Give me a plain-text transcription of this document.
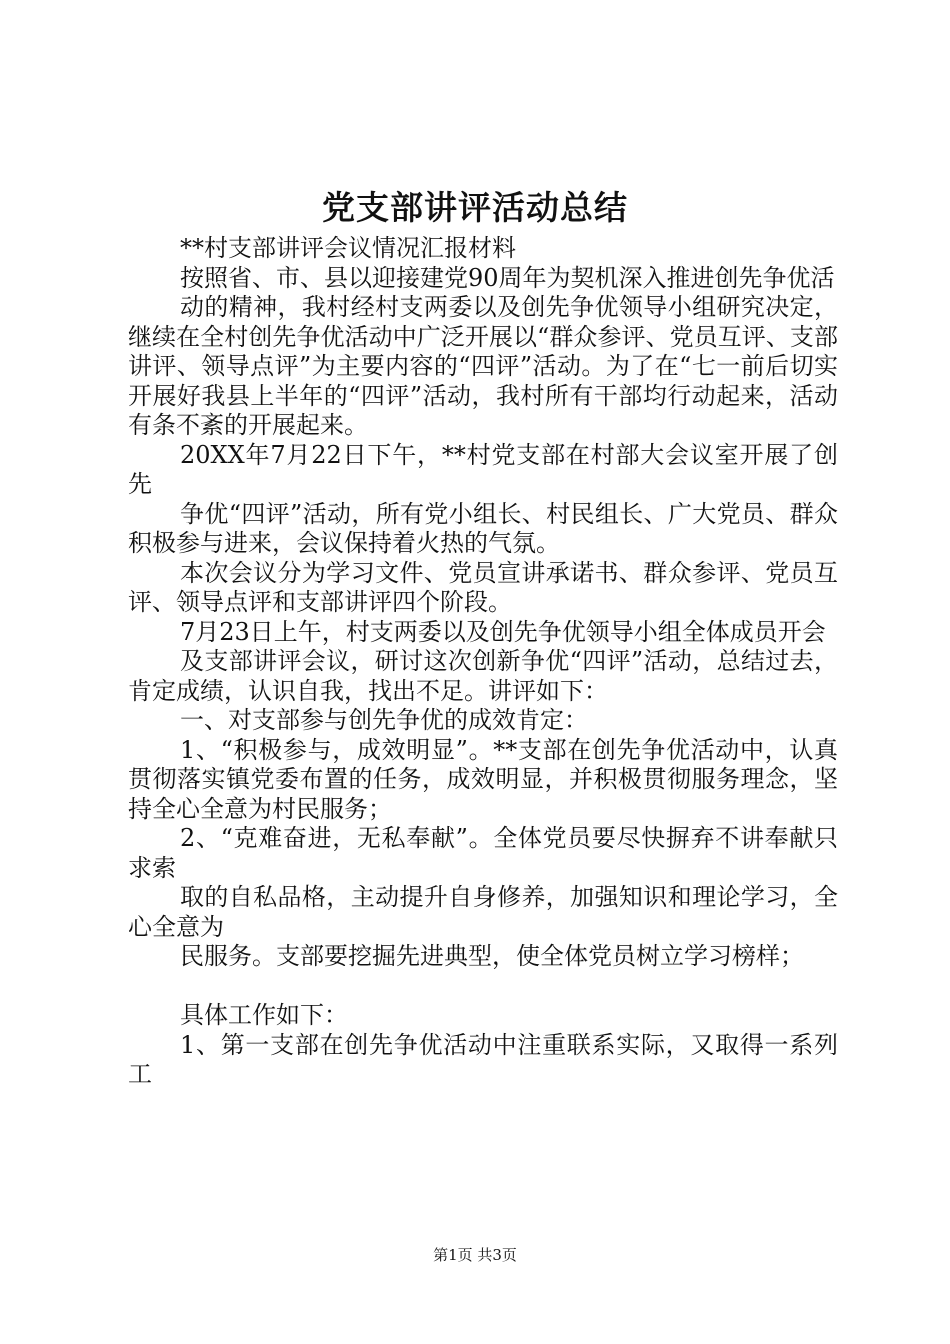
党支部讲评活动总结

**村支部讲评会议情况汇报材料

按照省、市、县以迎接建党90周年为契机深入推进创先争优活

动的精神，我村经村支两委以及创先争优领导小组研究决定，继续在全村创先争优活动中广泛开展以“群众参评、党员互评、支部讲评、领导点评”为主要内容的“四评”活动。为了在“七一前后切实开展好我县上半年的“四评”活动，我村所有干部均行动起来，活动有条不紊的开展起来。

20XX年7月22日下午，**村党支部在村部大会议室开展了创先

争优“四评”活动，所有党小组长、村民组长、广大党员、群众积极参与进来，会议保持着火热的气氛。

本次会议分为学习文件、党员宣讲承诺书、群众参评、党员互评、领导点评和支部讲评四个阶段。

7月23日上午，村支两委以及创先争优领导小组全体成员开会

及支部讲评会议，研讨这次创新争优“四评”活动，总结过去，肯定成绩，认识自我，找出不足。讲评如下：

一、对支部参与创先争优的成效肯定：

1、“积极参与，成效明显”。**支部在创先争优活动中，认真贯彻落实镇党委布置的任务，成效明显，并积极贯彻服务理念，坚持全心全意为村民服务；

2、“克难奋进，无私奉献”。全体党员要尽快摒弃不讲奉献只求索

取的自私品格，主动提升自身修养，加强知识和理论学习，全心全意为

民服务。支部要挖掘先进典型，使全体党员树立学习榜样；

具体工作如下：

1、第一支部在创先争优活动中注重联系实际，又取得一系列工

第1页 共3页
